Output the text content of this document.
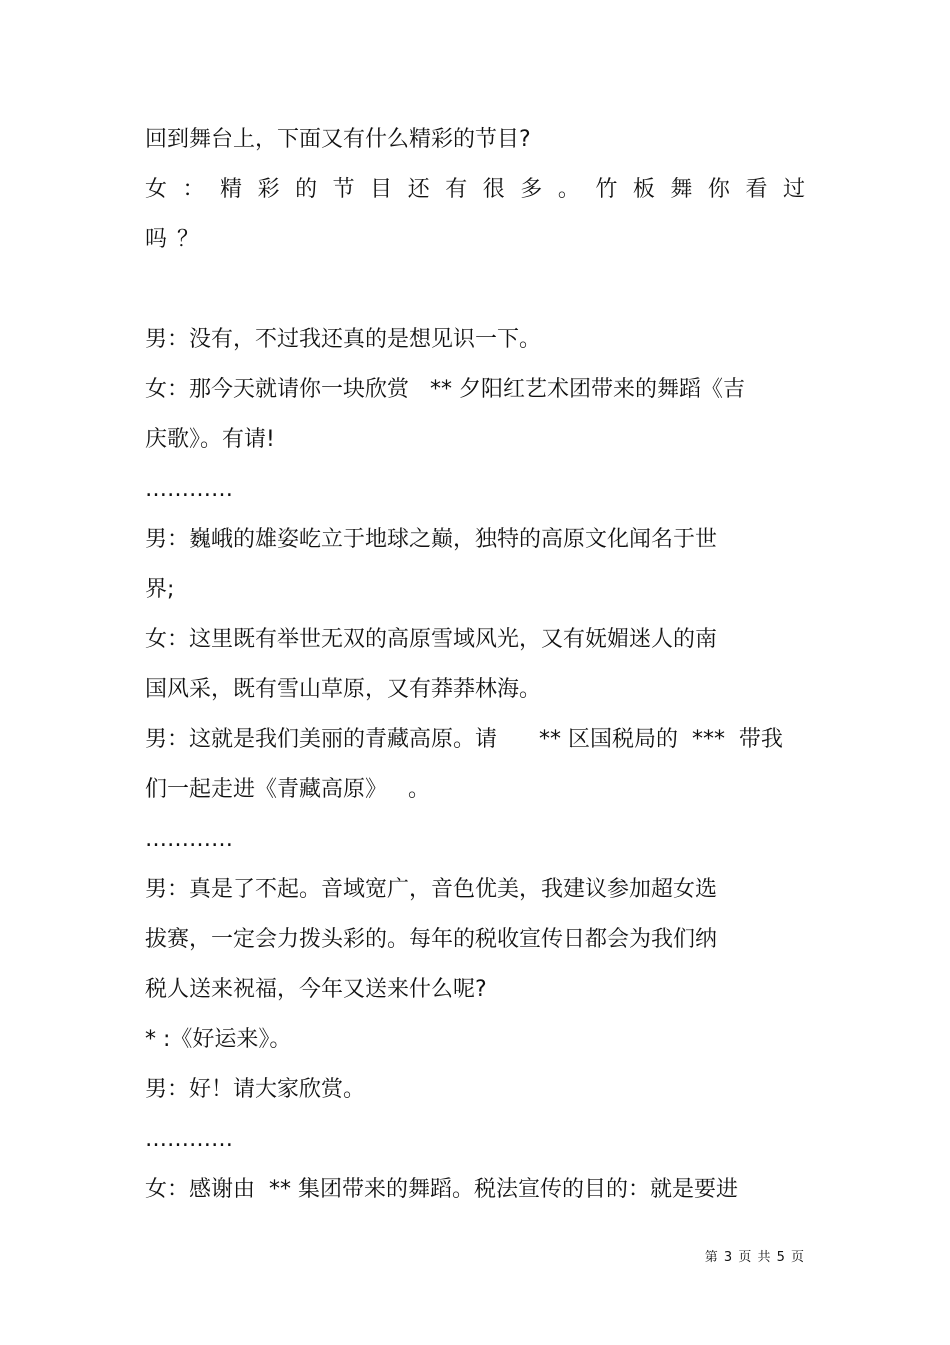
回到舞台上，下面又有什么精彩的节目?

女：精彩的节目还有很多。竹板舞你看过

吗？

男：没有，不过我还真的是想见识一下。

女：那今天就请你一块欣赏   ** 夕阳红艺术团带来的舞蹈《吉

庆歌》。有请!

…………

男：巍峨的雄姿屹立于地球之巅，独特的高原文化闻名于世

界;

女：这里既有举世无双的高原雪域风光，又有妩媚迷人的南

国风采，既有雪山草原，又有莽莽林海。

男：这就是我们美丽的青藏高原。请      ** 区国税局的  ***  带我

们一起走进《青藏高原》   。

…………

男：真是了不起。音域宽广，音色优美，我建议参加超女选

拔赛，一定会力拨头彩的。每年的税收宣传日都会为我们纳

税人送来祝福，今年又送来什么呢?

* :《好运来》。

男：好！请大家欣赏。

…………

女：感谢由  ** 集团带来的舞蹈。税法宣传的目的：就是要进

第 3 页 共 5 页
